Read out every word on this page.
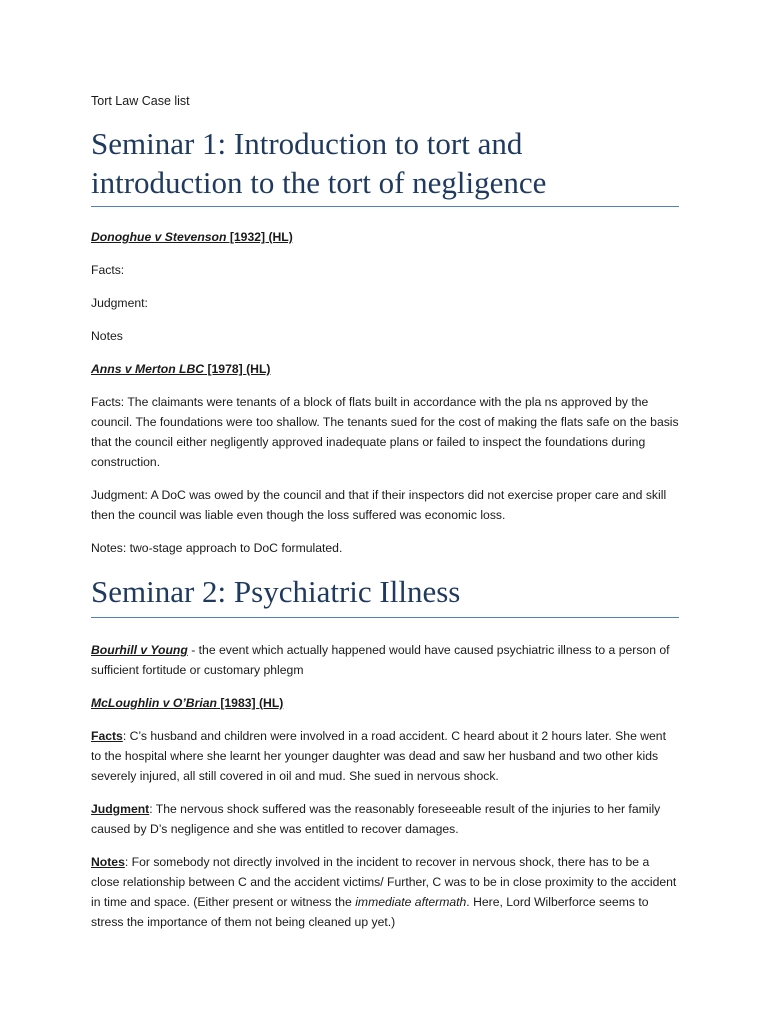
Tort Law Case list

Seminar 1: Introduction to tort and introduction to the tort of negligence

Donoghue v Stevenson [1932] (HL)

Facts:

Judgment:

Notes

Anns v Merton LBC [1978] (HL)

Facts: The claimants were tenants of a block of flats built in accordance with the pla ns approved by the council. The foundations were too shallow. The tenants sued for the cost of making the flats safe on the basis that the council either negligently approved inadequate plans or failed to inspect the foundations during construction.

Judgment: A DoC was owed by the council and that if their inspectors did not exercise proper care and skill then the council was liable even though the loss suffered was economic loss.

Notes: two-stage approach to DoC formulated.

Seminar 2: Psychiatric Illness

Bourhill v Young - the event which actually happened would have caused psychiatric illness to a person of sufficient fortitude or customary phlegm

McLoughlin v O’Brian [1983] (HL)

Facts: C’s husband and children were involved in a road accident. C heard about it 2 hours later. She went to the hospital where she learnt her younger daughter was dead and saw her husband and two other kids severely injured, all still covered in oil and mud. She sued in nervous shock.

Judgment: The nervous shock suffered was the reasonably foreseeable result of the injuries to her family caused by D’s negligence and she was entitled to recover damages.

Notes: For somebody not directly involved in the incident to recover in nervous shock, there has to be a close relationship between C and the accident victims/ Further, C was to be in close proximity to the accident in time and space. (Either present or witness the immediate aftermath. Here, Lord Wilberforce seems to stress the importance of them not being cleaned up yet.)
